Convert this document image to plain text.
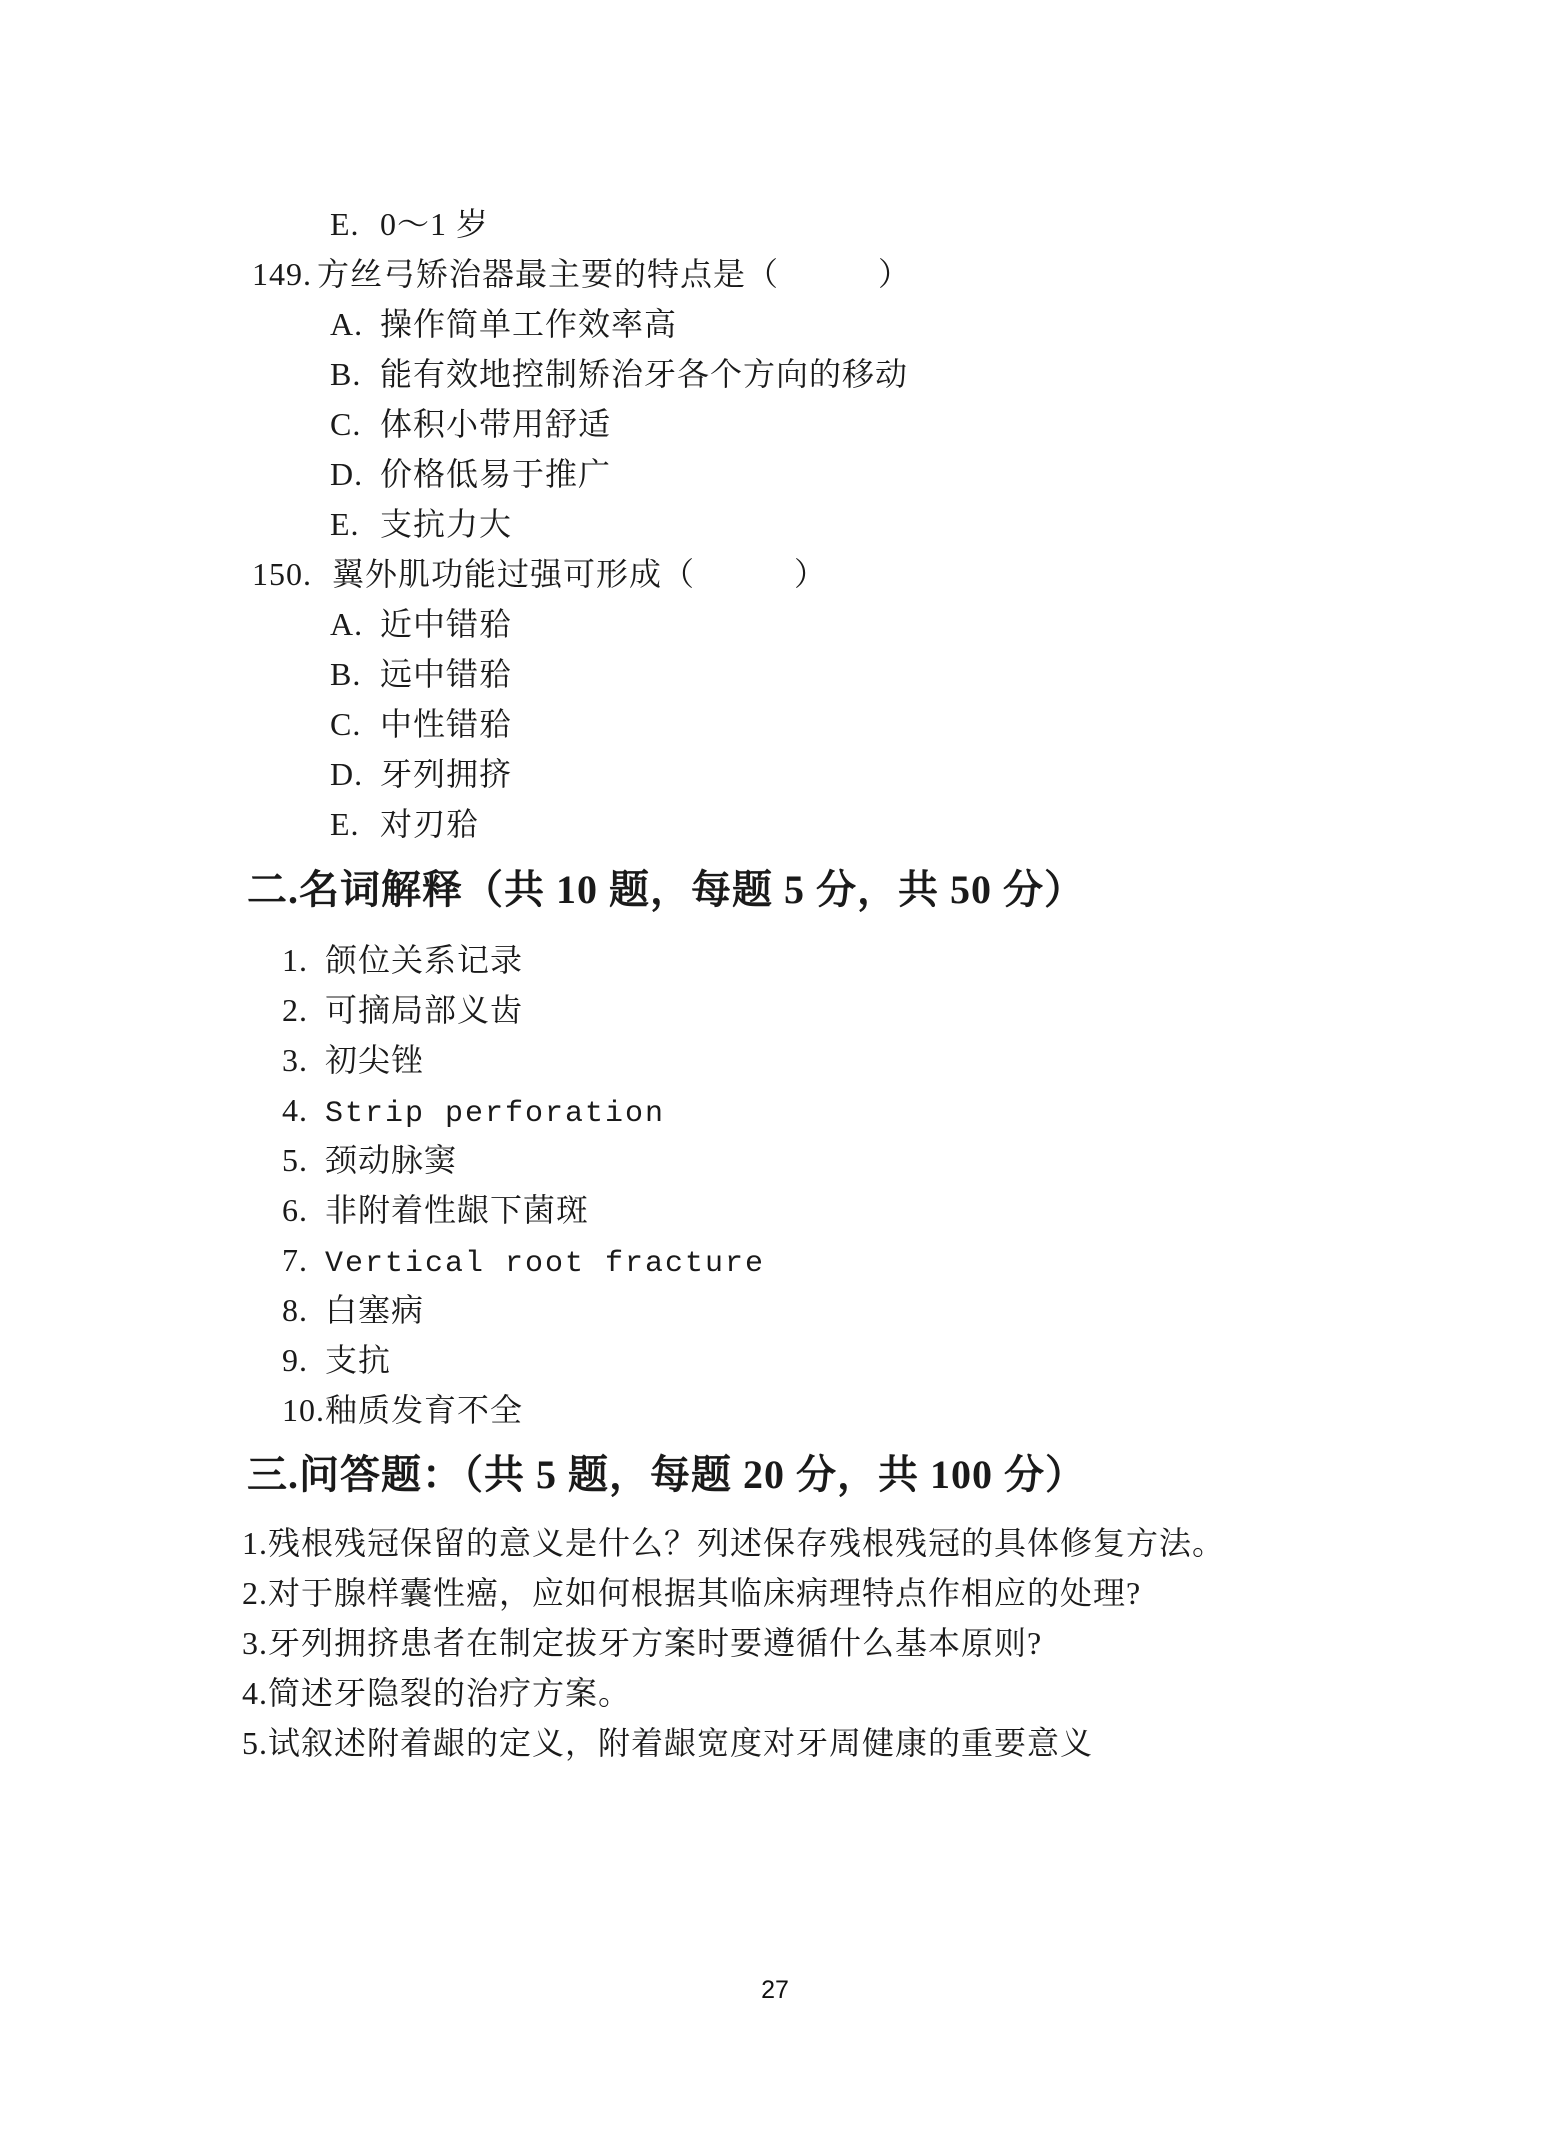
E. 0～1 岁
149. 方丝弓矫治器最主要的特点是（　　　）
A. 操作简单工作效率高
B. 能有效地控制矫治牙各个方向的移动
C. 体积小带用舒适
D. 价格低易于推广
E. 支抗力大
150. 翼外肌功能过强可形成（　　　）
A. 近中错𬌗
B. 远中错𬌗
C. 中性错𬌗
D. 牙列拥挤
E. 对刃𬌗
二.名词解释（共 10 题，每题 5 分，共 50 分）
1. 颌位关系记录
2. 可摘局部义齿
3. 初尖锉
4. Strip perforation
5. 颈动脉窦
6. 非附着性龈下菌斑
7. Vertical root fracture
8. 白塞病
9. 支抗
10.釉质发育不全
三.问答题：（共 5 题，每题 20 分，共 100 分）
1.残根残冠保留的意义是什么？列述保存残根残冠的具体修复方法。
2.对于腺样囊性癌，应如何根据其临床病理特点作相应的处理?
3.牙列拥挤患者在制定拔牙方案时要遵循什么基本原则?
4.简述牙隐裂的治疗方案。
5.试叙述附着龈的定义，附着龈宽度对牙周健康的重要意义
27
